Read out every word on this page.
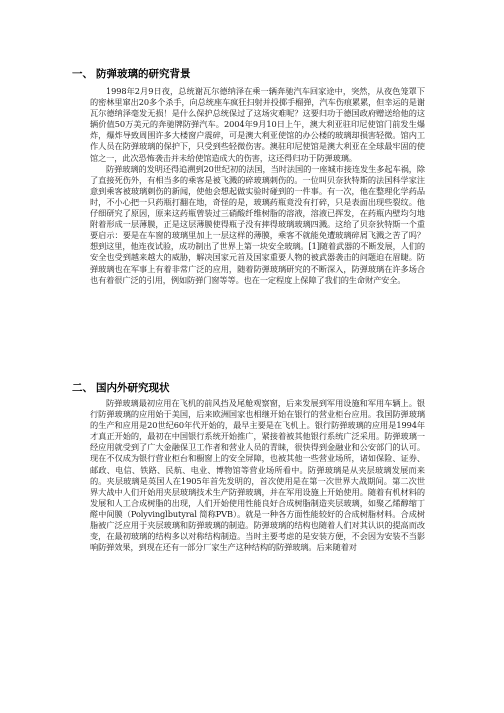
一、 防弹玻璃的研究背景

1998年2月9日夜，总统谢瓦尔德纳泽在乘一辆奔驰汽车回家途中，突然，从夜色笼罩下的密林里窜出20多个杀手，向总统座车疯狂扫射并投掷手榴弹，汽车伤痕累累，但幸运的是谢瓦尔德纳泽毫发无损！是什么保护总统保过了这场灾难呢？这要归功于德国政府赠送给他的这辆价值50万美元的奔驰牌防弹汽车。2004年9月10日上午，澳大利亚驻印尼使馆门前发生爆炸，爆炸导致周围许多大楼窗户震碎，可是澳大利亚使馆的办公楼的玻璃却损害轻微。馆内工作人员在防弹玻璃的保护下，只受到些轻微伤害。澳驻印尼使馆是澳大利亚在全球最牢固的使馆之一，此次恐怖袭击并未给使馆造成大的伤害，这还得归功于防弹玻璃。

防弹玻璃的发明还得追溯到20世纪初的法国，当时法国的一座城市接连发生多起车祸，除了直接死伤外，有相当多的乘客是被飞溅的碎玻璃刺伤的。一位叫贝奈狄特斯的法国科学家注意到乘客被玻璃刺伤的新闻，使他会想起做实验时碰到的一件事。有一次，他在整理化学药品时，不小心把一只药瓶打翻在地，奇怪的是，玻璃药瓶竟没有打碎，只是表面出现些裂纹。他仔细研究了原因，原来这药瓶曾装过三硝酸纤维树脂的溶液，溶液已挥发，在药瓶内壁均匀地附着形成一层薄膜，正是这层薄膜使得瓶子没有摔得玻璃玻璃四溅。这给了贝奈狄特斯一个重要启示：要是在车窗的玻璃里加上一层这样的薄膜，乘客不就能免遭玻璃碎屑飞溅之苦了吗？想到这里，他连夜试验，成功制出了世界上第一块安全玻璃。[1]随着武器的不断发展，人们的安全也受到越来越大的威胁，解决国家元首及国家重要人物的被武器袭击的问题迫在眉睫。防弹玻璃也在军事上有着非常广泛的应用，随着防弹玻璃研究的不断深入，防弹玻璃在许多场合也有着很广泛的引用，例如防弹门窗等等。也在一定程度上保障了我们的生命财产安全。

二、 国内外研究现状

防弹玻璃最初应用在飞机的前风挡及尾舱观察窗，后来发展到军用设施和军用车辆上。银行防弹玻璃的应用始于美国，后来欧洲国家也相继开始在银行的营业柜台应用。我国防弹玻璃的生产和应用是20世纪60年代开始的，最早主要是在飞机上。银行防弹玻璃的应用是1994年才真正开始的，最初在中国银行系统开始推广，紧接着被其他银行系统广泛采用。防弹玻璃一经应用就受到了广大金融保卫工作者和营业人员的青睐，很快得到金融业和公安部门的认可。现在不仅成为银行营业柜台和橱窗上的安全屏障，也被其他一些营业场所，诸如保险、证券、邮政、电信、铁路、民航、电业、博物馆等营业场所看中。防弹玻璃是从夹层玻璃发展而来的。夹层玻璃是英国人在1905年首先发明的，首次使用是在第一次世界大战期间。第二次世界大战中人们开始用夹层玻璃技术生产防弹玻璃，并在军用设施上开始使用。随着有机材料的发展和人工合成树脂的出现，人们开始使用性能良好合成树脂制造夹层玻璃，如聚乙烯醇缩丁醛中间膜（Polyvinglbutyral 简称PVB）。就是一种各方面性能较好的合成树脂材料。合成树脂被广泛应用于夹层玻璃和防弹玻璃的制造。防弹玻璃的结构也随着人们对其认识的提高而改变，在最初玻璃的结构多以对称结构制造。当时主要考虑的是安装方便，不会因为安装不当影响防弹效果，到现在还有一部分厂家生产这种结构的防弹玻璃。后来随着对
